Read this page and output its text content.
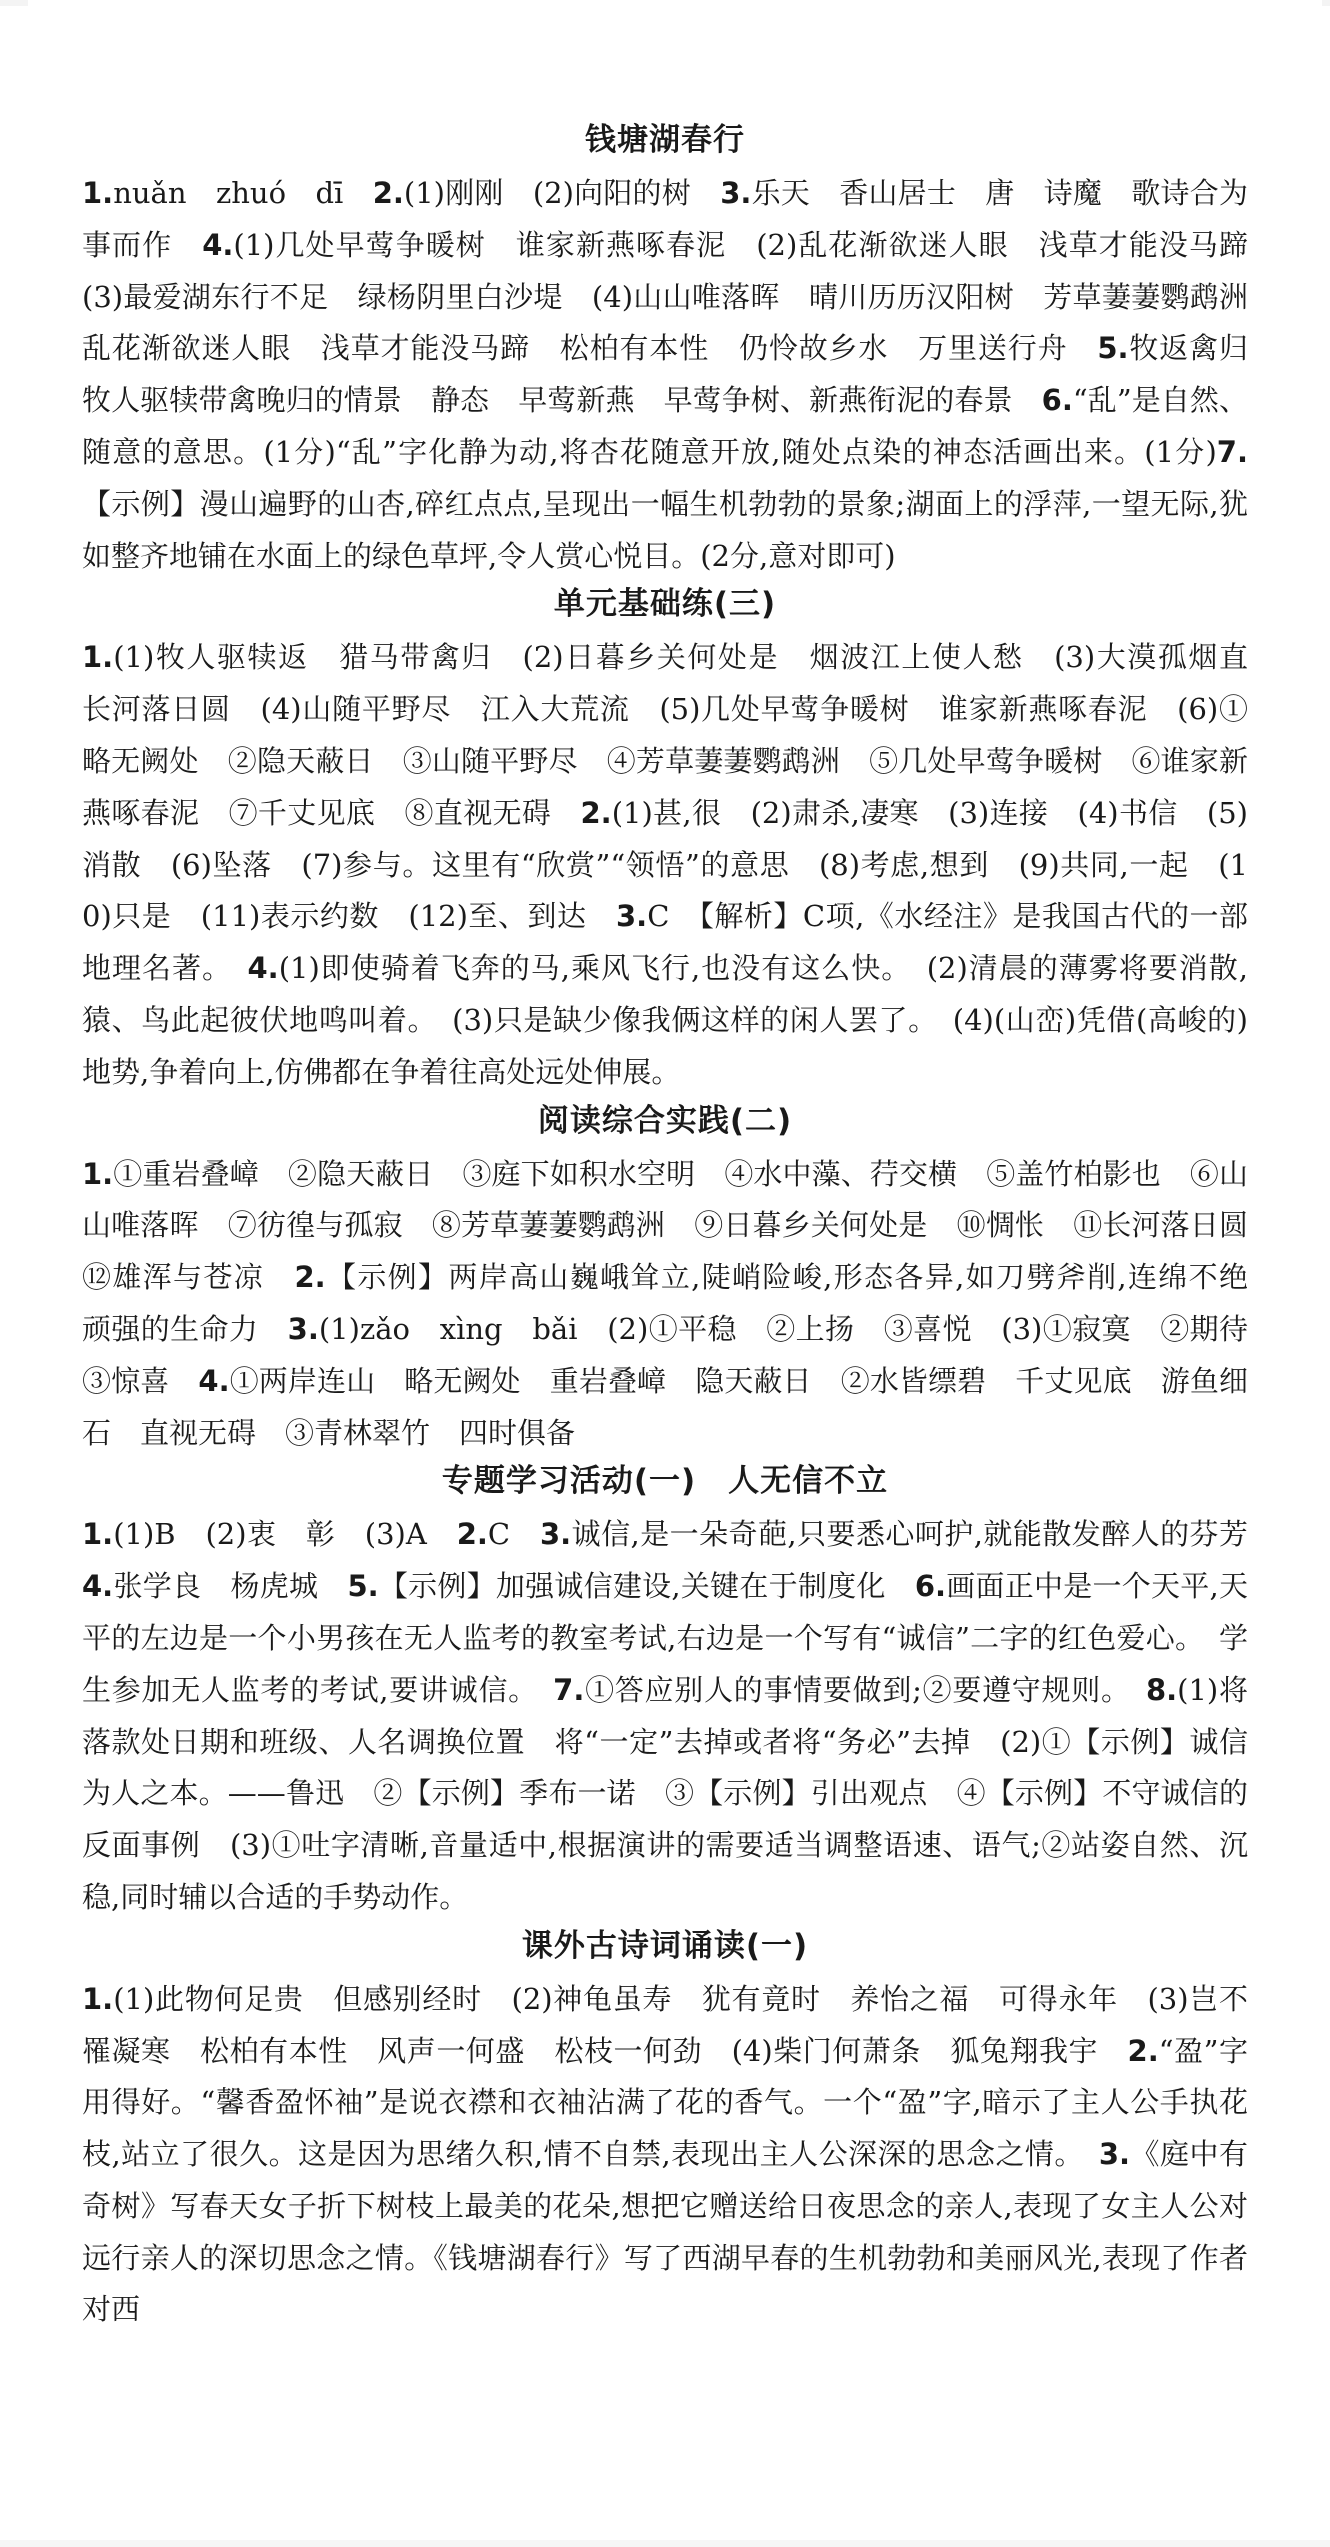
钱塘湖春行
1.nuǎn　zhuó　dī　2.(1)刚刚　(2)向阳的树　3.乐天　香山居士　唐　诗魔　歌诗合为事而作　4.(1)几处早莺争暖树　谁家新燕啄春泥　(2)乱花渐欲迷人眼　浅草才能没马蹄　(3)最爱湖东行不足　绿杨阴里白沙堤　(4)山山唯落晖　晴川历历汉阳树　芳草萋萋鹦鹉洲　乱花渐欲迷人眼　浅草才能没马蹄　松柏有本性　仍怜故乡水　万里送行舟　5.牧返禽归　牧人驱犊带禽晚归的情景　静态　早莺新燕　早莺争树、新燕衔泥的春景　6.“乱”是自然、随意的意思。(1分)“乱”字化静为动,将杏花随意开放,随处点染的神态活画出来。(1分)7.【示例】漫山遍野的山杏,碎红点点,呈现出一幅生机勃勃的景象;湖面上的浮萍,一望无际,犹如整齐地铺在水面上的绿色草坪,令人赏心悦目。(2分,意对即可)
单元基础练(三)
1.(1)牧人驱犊返　猎马带禽归　(2)日暮乡关何处是　烟波江上使人愁　(3)大漠孤烟直　长河落日圆　(4)山随平野尽　江入大荒流　(5)几处早莺争暖树　谁家新燕啄春泥　(6)①略无阙处　②隐天蔽日　③山随平野尽　④芳草萋萋鹦鹉洲　⑤几处早莺争暖树　⑥谁家新燕啄春泥　⑦千丈见底　⑧直视无碍　2.(1)甚,很　(2)肃杀,凄寒　(3)连接　(4)书信　(5)消散　(6)坠落　(7)参与。这里有“欣赏”“领悟”的意思　(8)考虑,想到　(9)共同,一起　(10)只是　(11)表示约数　(12)至、到达　3.C　【解析】C项,《水经注》是我国古代的一部地理名著。　4.(1)即使骑着飞奔的马,乘风飞行,也没有这么快。　(2)清晨的薄雾将要消散,猿、鸟此起彼伏地鸣叫着。　(3)只是缺少像我俩这样的闲人罢了。　(4)(山峦)凭借(高峻的)地势,争着向上,仿佛都在争着往高处远处伸展。
阅读综合实践(二)
1.①重岩叠嶂　②隐天蔽日　③庭下如积水空明　④水中藻、荇交横　⑤盖竹柏影也　⑥山山唯落晖　⑦彷徨与孤寂　⑧芳草萋萋鹦鹉洲　⑨日暮乡关何处是　⑩惆怅　⑪长河落日圆　⑫雄浑与苍凉　2.【示例】两岸高山巍峨耸立,陡峭险峻,形态各异,如刀劈斧削,连绵不绝　顽强的生命力　3.(1)zǎo　xìng　bǎi　(2)①平稳　②上扬　③喜悦　(3)①寂寞　②期待　③惊喜　4.①两岸连山　略无阙处　重岩叠嶂　隐天蔽日　②水皆缥碧　千丈见底　游鱼细石　直视无碍　③青林翠竹　四时俱备
专题学习活动(一)　人无信不立
1.(1)B　(2)衷　彰　(3)A　2.C　3.诚信,是一朵奇葩,只要悉心呵护,就能散发醉人的芬芳　4.张学良　杨虎城　5.【示例】加强诚信建设,关键在于制度化　6.画面正中是一个天平,天平的左边是一个小男孩在无人监考的教室考试,右边是一个写有“诚信”二字的红色爱心。　学生参加无人监考的考试,要讲诚信。　7.①答应别人的事情要做到;②要遵守规则。　8.(1)将落款处日期和班级、人名调换位置　将“一定”去掉或者将“务必”去掉　(2)①【示例】诚信为人之本。——鲁迅　②【示例】季布一诺　③【示例】引出观点　④【示例】不守诚信的反面事例　(3)①吐字清晰,音量适中,根据演讲的需要适当调整语速、语气;②站姿自然、沉稳,同时辅以合适的手势动作。
课外古诗词诵读(一)
1.(1)此物何足贵　但感别经时　(2)神龟虽寿　犹有竟时　养怡之福　可得永年　(3)岂不罹凝寒　松柏有本性　风声一何盛　松枝一何劲　(4)柴门何萧条　狐兔翔我宇　2.“盈”字用得好。“馨香盈怀袖”是说衣襟和衣袖沾满了花的香气。一个“盈”字,暗示了主人公手执花枝,站立了很久。这是因为思绪久积,情不自禁,表现出主人公深深的思念之情。　3.《庭中有奇树》写春天女子折下树枝上最美的花朵,想把它赠送给日夜思念的亲人,表现了女主人公对远行亲人的深切思念之情。《钱塘湖春行》写了西湖早春的生机勃勃和美丽风光,表现了作者对西
